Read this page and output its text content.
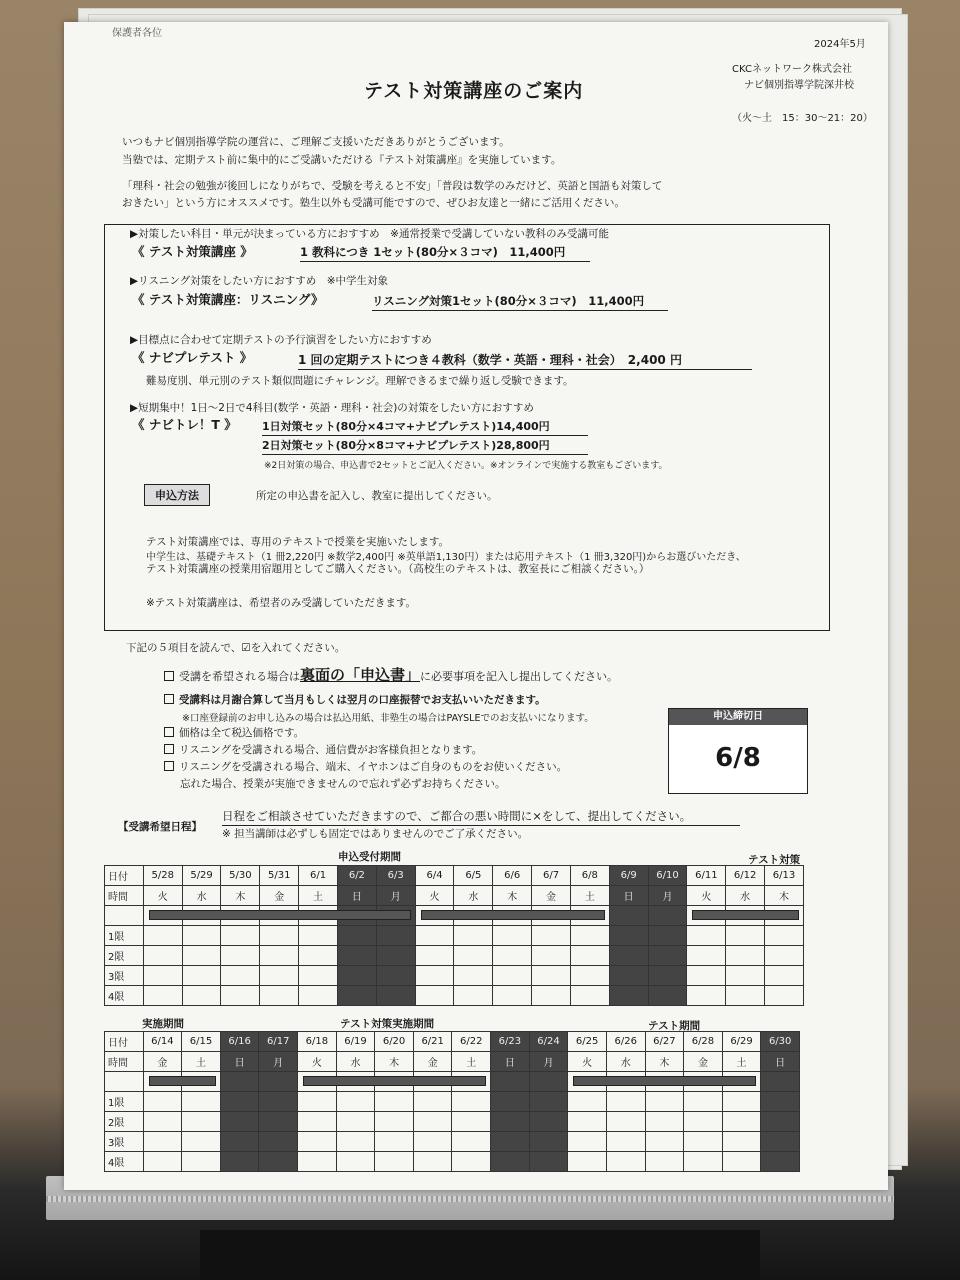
保護者各位
2024年5月
CKCネットワーク株式会社
ナビ個別指導学院深井校
テスト対策講座のご案内
（火～土　15：30～21：20）
いつもナビ個別指導学院の運営に、ご理解ご支援いただきありがとうございます。
当塾では、定期テスト前に集中的にご受講いただける『テスト対策講座』を実施しています。
「理科・社会の勉強が後回しになりがちで、受験を考えると不安」「普段は数学のみだけど、英語と国語も対策して
おきたい」という方にオススメです。塾生以外も受講可能ですので、ぜひお友達と一緒にご活用ください。
▶対策したい科目・単元が決まっている方におすすめ　※通常授業で受講していない教科のみ受講可能
《 テスト対策講座 》	1 教科につき 1セット(80分×３コマ)　11,400円
▶リスニング対策をしたい方におすすめ　※中学生対象
《 テスト対策講座：リスニング》	リスニング対策1セット(80分×３コマ)　11,400円
▶目標点に合わせて定期テストの予行演習をしたい方におすすめ
《 ナビプレテスト 》	1 回の定期テストにつき４教科（数学・英語・理科・社会）　2,400 円
難易度別、単元別のテスト類似問題にチャレンジ。理解できるまで繰り返し受験できます。
▶短期集中！1日～2日で4科目(数学・英語・理科・社会)の対策をしたい方におすすめ
《 ナビトレ！T 》 1日対策セット(80分×4コマ+ナビプレテスト)14,400円
2日対策セット(80分×8コマ+ナビプレテスト)28,800円
※2日対策の場合、申込書で2セットとご記入ください。※オンラインで実施する教室もございます。
申込方法	所定の申込書を記入し、教室に提出してください。
テスト対策講座では、専用のテキストで授業を実施いたします。
中学生は、基礎テキスト（1 冊2,220円 ※数学2,400円 ※英単語1,130円）または応用テキスト（1 冊3,320円)からお選びいただき、
テスト対策講座の授業用宿題用としてご購入ください。（高校生のテキストは、教室長にご相談ください。）
※テスト対策講座は、希望者のみ受講していただきます。
下記の５項目を読んで、☑を入れてください。
受講を希望される場合は裏面の「申込書」に必要事項を記入し提出してください。
受講料は月謝合算して当月もしくは翌月の口座振替でお支払いいただきます。
※口座登録前のお申し込みの場合は払込用紙、非塾生の場合はPAYSLEでのお支払いになります。
価格は全て税込価格です。
リスニングを受講される場合、通信費がお客様負担となります。
リスニングを受講される場合、端末、イヤホンはご自身のものをお使いください。
忘れた場合、授業が実施できませんので忘れず必ずお持ちください。
申込締切日
6/8
【受講希望日程】
日程をご相談させていただきますので、ご都合の悪い時間に×をして、提出してください。
※ 担当講師は必ずしも固定ではありませんのでご了承ください。
申込受付期間	テスト対策
日付	5/28	5/29	5/30	5/31	6/1	6/2	6/3	6/4	6/5	6/6	6/7	6/8	6/9	6/10	6/11	6/12	6/13
時間	火	水	木	金	土	日	月	火	水	木	金	土	日	月	火	水	木

1限																	
2限																	
3限																	
4限																	
実施期間	テスト対策実施期間	テスト期間
日付	6/14	6/15	6/16	6/17	6/18	6/19	6/20	6/21	6/22	6/23	6/24	6/25	6/26	6/27	6/28	6/29	6/30
時間	金	土	日	月	火	水	木	金	土	日	月	火	水	木	金	土	日

1限																	
2限																	
3限																	
4限																	
